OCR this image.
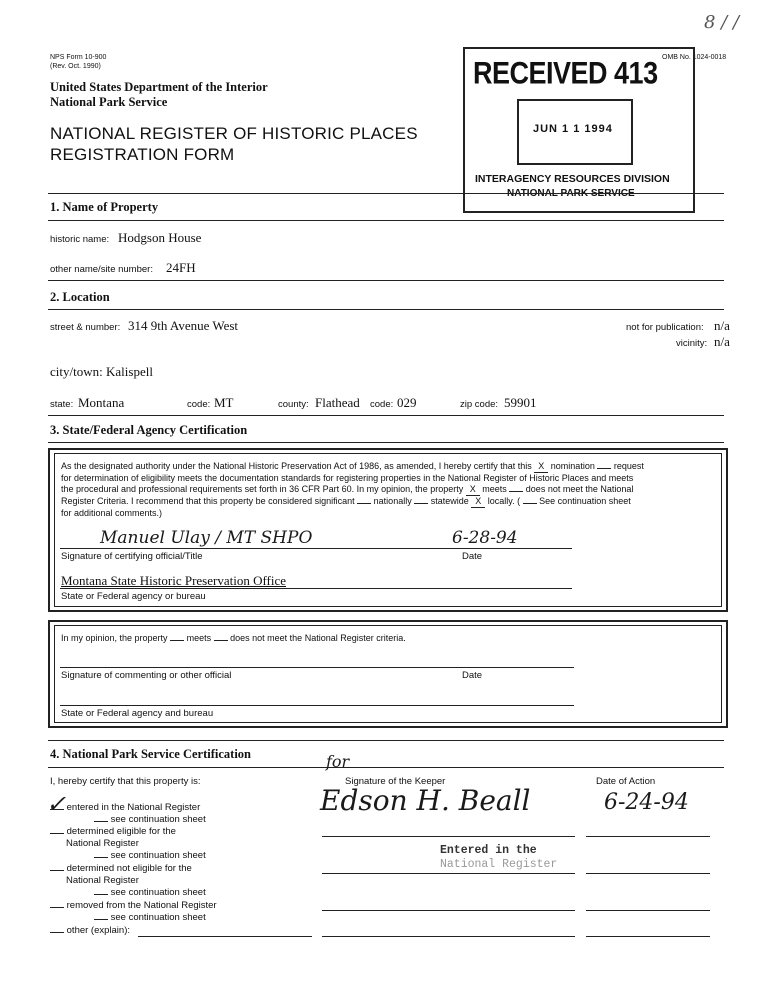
8 / /
NPS Form 10-900
(Rev. Oct. 1990)
OMB No. 1024-0018
United States Department of the Interior
National Park Service
NATIONAL REGISTER OF HISTORIC PLACES
REGISTRATION FORM
RECEIVED 413
JUN 1 1 1994
INTERAGENCY RESOURCES DIVISION
NATIONAL PARK SERVICE
1. Name of Property
historic name: Hodgson House
other name/site number: 24FH
2. Location
street & number: 314 9th Avenue West	not for publication: n/a
vicinity: n/a
city/town: Kalispell
state: Montana	code: MT	county: Flathead code: 029	zip code: 59901
3. State/Federal Agency Certification
As the designated authority under the National Historic Preservation Act of 1986, as amended, I hereby certify that this X nomination request
for determination of eligibility meets the documentation standards for registering properties in the National Register of Historic Places and meets
the procedural and professional requirements set forth in 36 CFR Part 60. In my opinion, the property X meets does not meet the National
Register Criteria. I recommend that this property be considered significant nationally statewide X locally. ( See continuation sheet
for additional comments.)
Manuel Ulay / MT SHPO	6-28-94
Signature of certifying official/Title	Date
Montana State Historic Preservation Office
State or Federal agency or bureau
In my opinion, the property meets does not meet the National Register criteria.
Signature of commenting or other official	Date
State or Federal agency and bureau
4. National Park Service Certification
I, hereby certify that this property is:	Signature of the Keeper	Date of Action
for
Edson H. Beall	6-24-94
✓ entered in the National Register
see continuation sheet
determined eligible for the
National Register
see continuation sheet
determined not eligible for the
National Register
see continuation sheet
removed from the National Register
see continuation sheet
other (explain):
Entered in the
National Register
